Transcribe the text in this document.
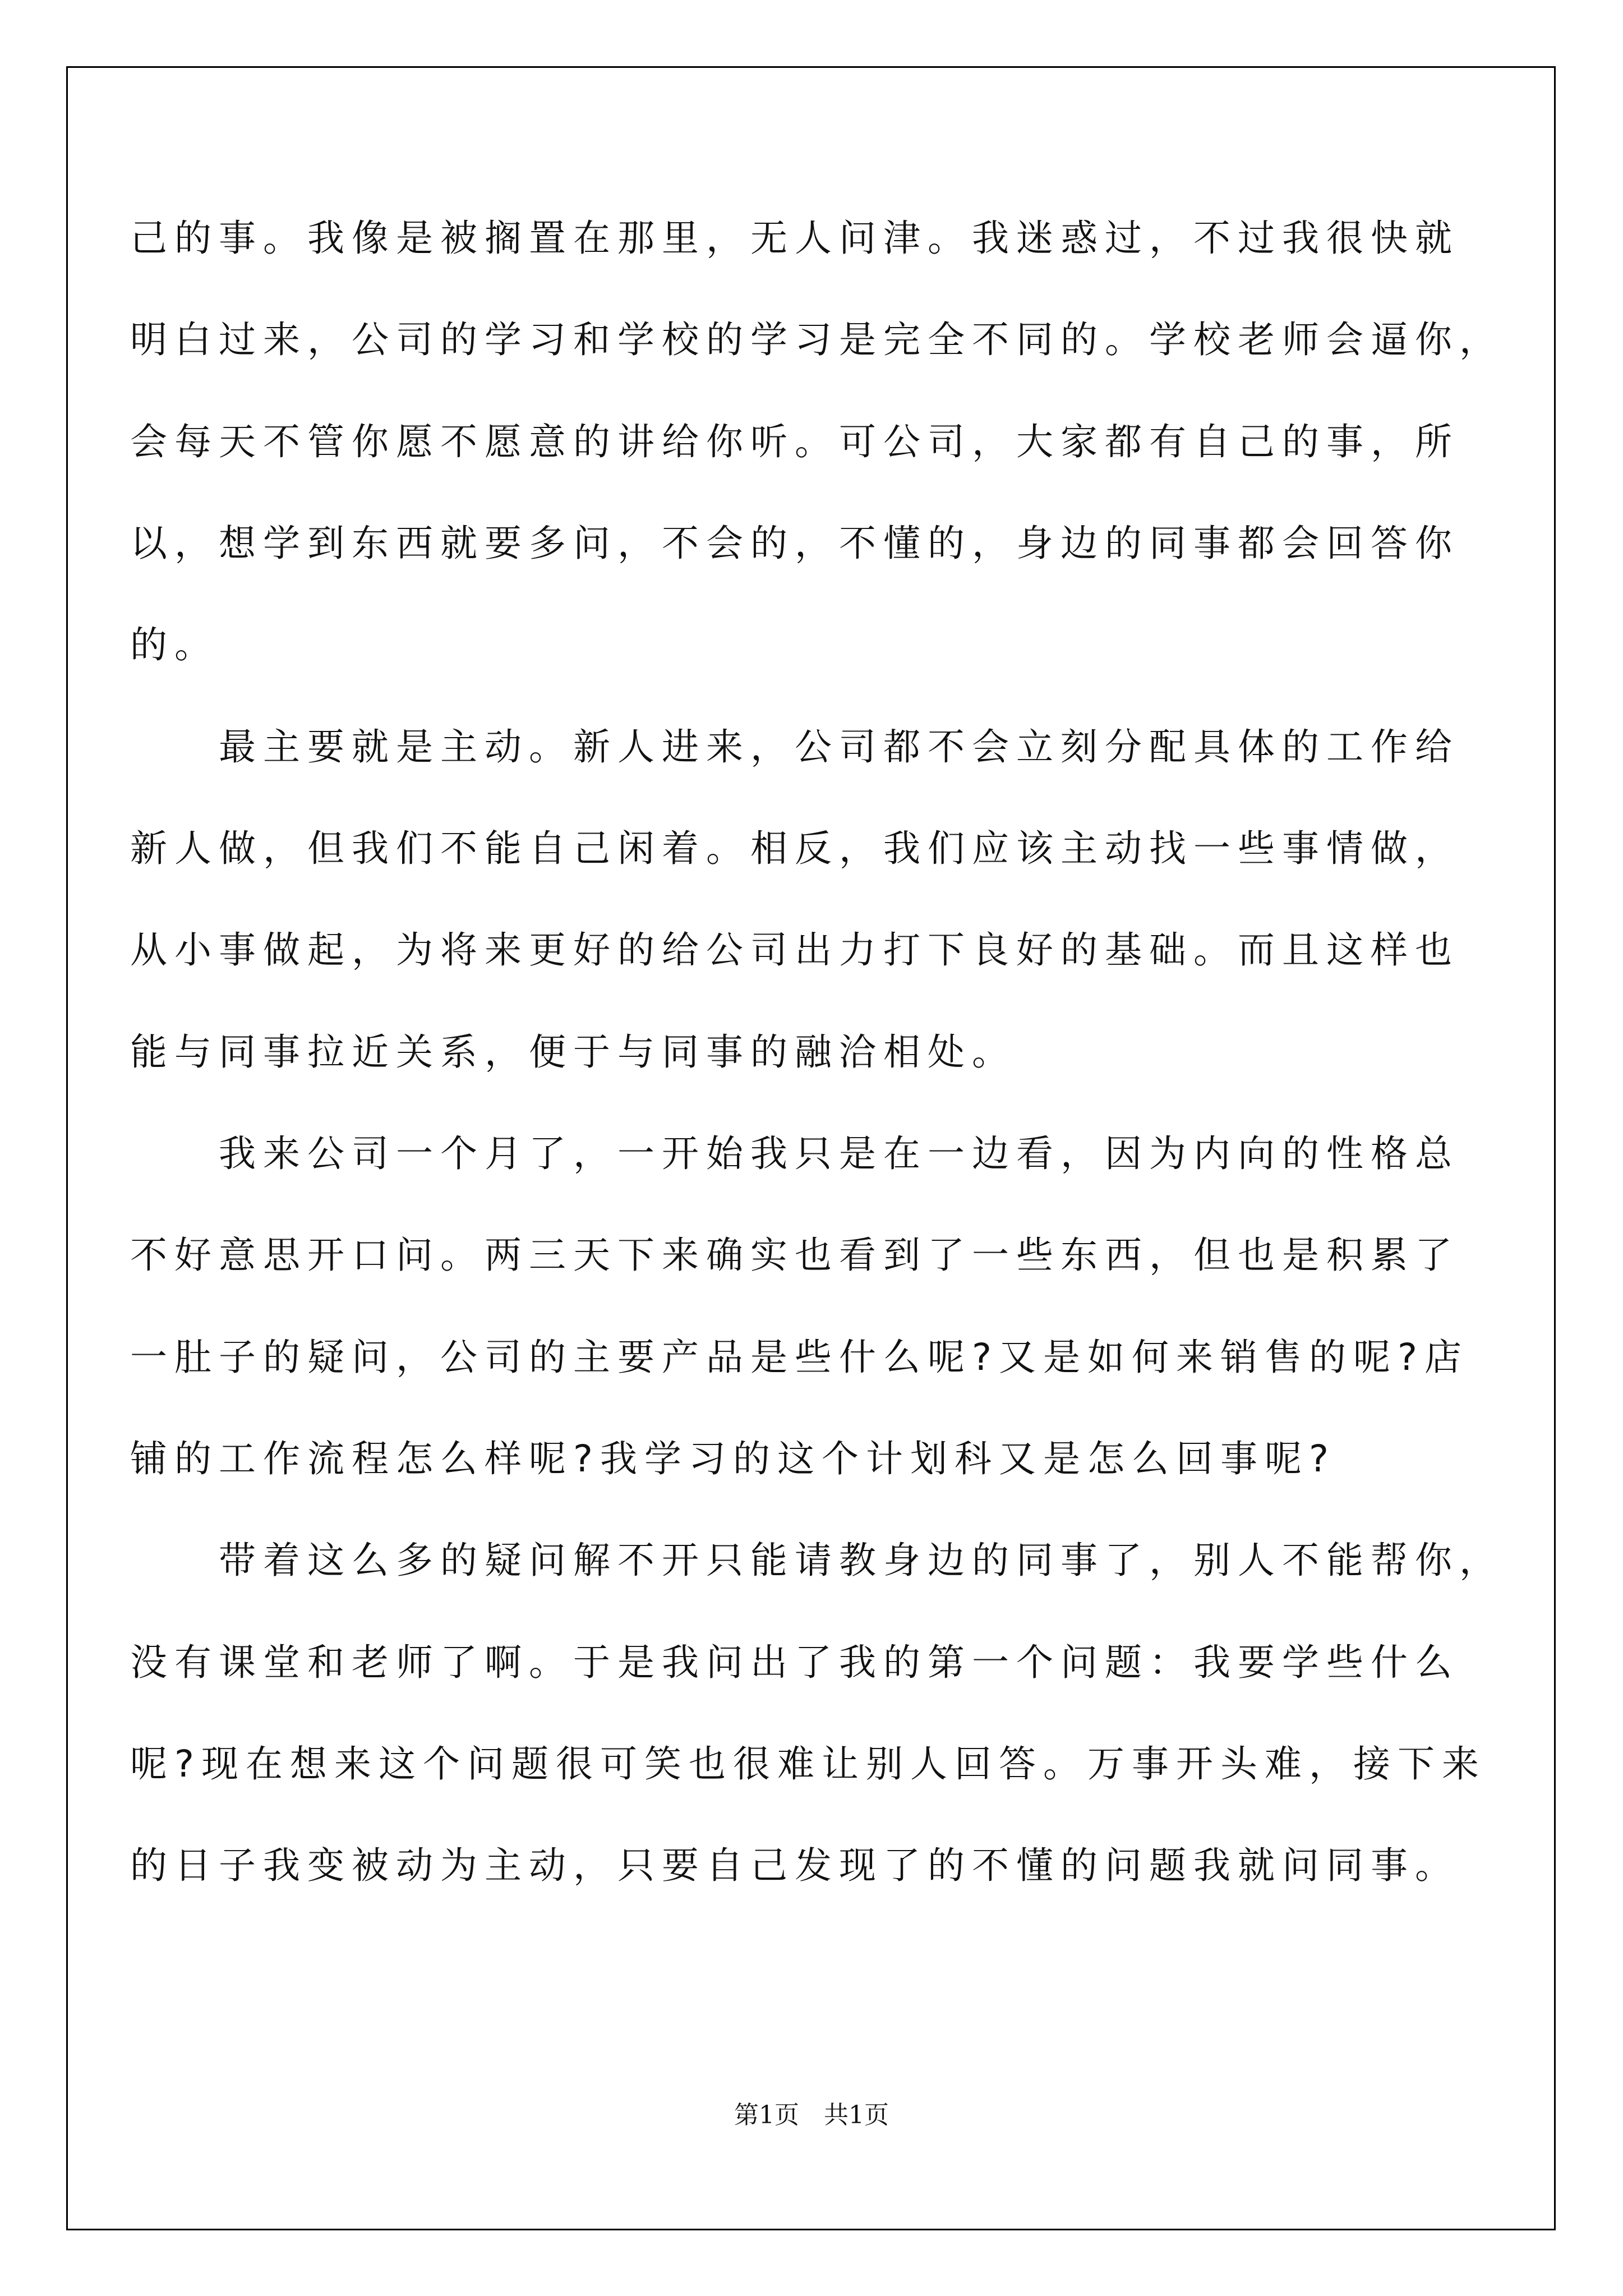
己的事。我像是被搁置在那里，无人问津。我迷惑过，不过我很快就
明白过来，公司的学习和学校的学习是完全不同的。学校老师会逼你，
会每天不管你愿不愿意的讲给你听。可公司，大家都有自己的事，所
以，想学到东西就要多问，不会的，不懂的，身边的同事都会回答你
的。
最主要就是主动。新人进来，公司都不会立刻分配具体的工作给
新人做，但我们不能自己闲着。相反，我们应该主动找一些事情做，
从小事做起，为将来更好的给公司出力打下良好的基础。而且这样也
能与同事拉近关系，便于与同事的融洽相处。
我来公司一个月了，一开始我只是在一边看，因为内向的性格总
不好意思开口问。两三天下来确实也看到了一些东西，但也是积累了
一肚子的疑问，公司的主要产品是些什么呢?又是如何来销售的呢?店
铺的工作流程怎么样呢?我学习的这个计划科又是怎么回事呢?
带着这么多的疑问解不开只能请教身边的同事了，别人不能帮你，
没有课堂和老师了啊。于是我问出了我的第一个问题：我要学些什么
呢?现在想来这个问题很可笑也很难让别人回答。万事开头难，接下来
的日子我变被动为主动，只要自己发现了的不懂的问题我就问同事。
第1页　共1页
